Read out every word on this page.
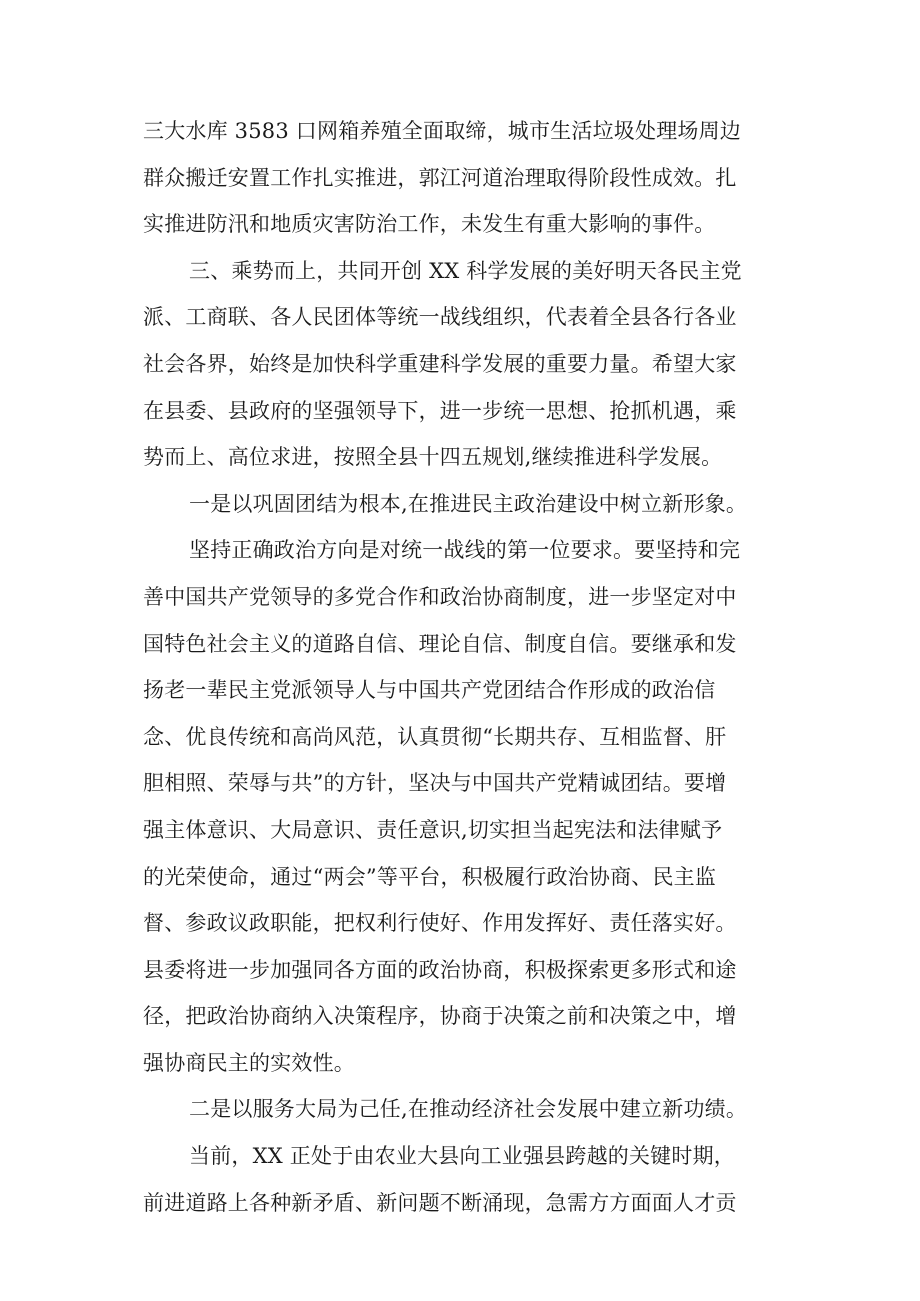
三大水库 3583 口网箱养殖全面取缔，城市生活垃圾处理场周边
群众搬迁安置工作扎实推进，郭江河道治理取得阶段性成效。扎
实推进防汛和地质灾害防治工作，未发生有重大影响的事件。
三、乘势而上，共同开创 XX 科学发展的美好明天各民主党
派、工商联、各人民团体等统一战线组织，代表着全县各行各业
社会各界，始终是加快科学重建科学发展的重要力量。希望大家
在县委、县政府的坚强领导下，进一步统一思想、抢抓机遇，乘
势而上、高位求进，按照全县十四五规划,继续推进科学发展。
一是以巩固团结为根本,在推进民主政治建设中树立新形象。
坚持正确政治方向是对统一战线的第一位要求。要坚持和完
善中国共产党领导的多党合作和政治协商制度，进一步坚定对中
国特色社会主义的道路自信、理论自信、制度自信。要继承和发
扬老一辈民主党派领导人与中国共产党团结合作形成的政治信
念、优良传统和高尚风范，认真贯彻“长期共存、互相监督、肝
胆相照、荣辱与共”的方针，坚决与中国共产党精诚团结。要增
强主体意识、大局意识、责任意识,切实担当起宪法和法律赋予
的光荣使命，通过“两会”等平台，积极履行政治协商、民主监
督、参政议政职能，把权利行使好、作用发挥好、责任落实好。
县委将进一步加强同各方面的政治协商，积极探索更多形式和途
径，把政治协商纳入决策程序，协商于决策之前和决策之中，增
强协商民主的实效性。
二是以服务大局为己任,在推动经济社会发展中建立新功绩。
当前，XX 正处于由农业大县向工业强县跨越的关键时期，
前进道路上各种新矛盾、新问题不断涌现，急需方方面面人才贡
